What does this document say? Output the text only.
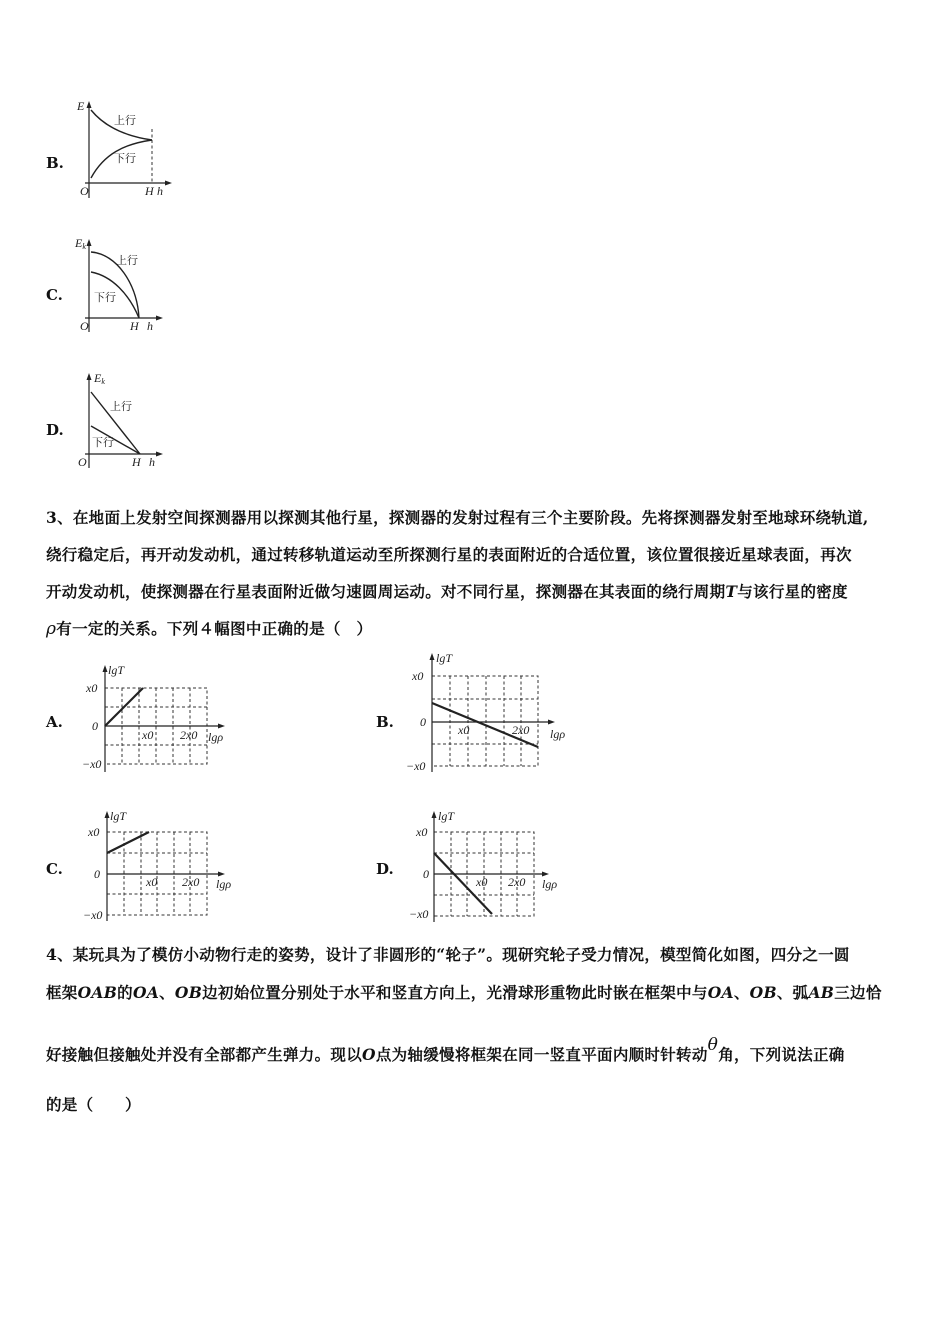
B.
E
上行
下行
O	H h
C.
Ek
上行
下行
O	H h
D.
Ek
上行
下行
O	H h
3、在地面上发射空间探测器用以探测其他行星，探测器的发射过程有三个主要阶段。先将探测器发射至地球环绕轨道,
绕行稳定后，再开动发动机，通过转移轨道运动至所探测行星的表面附近的合适位置，该位置很接近星球表面，再次
开动发动机，使探测器在行星表面附近做匀速圆周运动。对不同行星，探测器在其表面的绕行周期T与该行星的密度
ρ有一定的关系。下列４幅图中正确的是（　）
A.	B.
C.	D.
lgT
x0
0
−x0
x0 2x0 lgρ
lgT
x0
0
−x0
x0	2x0 lgρ
lgT
x0
0
−x0
x0 2x0 lgρ
lgT
x0
0
−x0
x0 2x0 lgρ
4、某玩具为了模仿小动物行走的姿势，设计了非圆形的“轮子”。现研究轮子受力情况，模型简化如图，四分之一圆
框架OAB的OA、OB边初始位置分别处于水平和竖直方向上，光滑球形重物此时嵌在框架中与OA、OB、弧AB三边恰
好接触但接触处并没有全部都产生弹力。现以O点为轴缓慢将框架在同一竖直平面内顺时针转动θ角，下列说法正确
的是（　　）
